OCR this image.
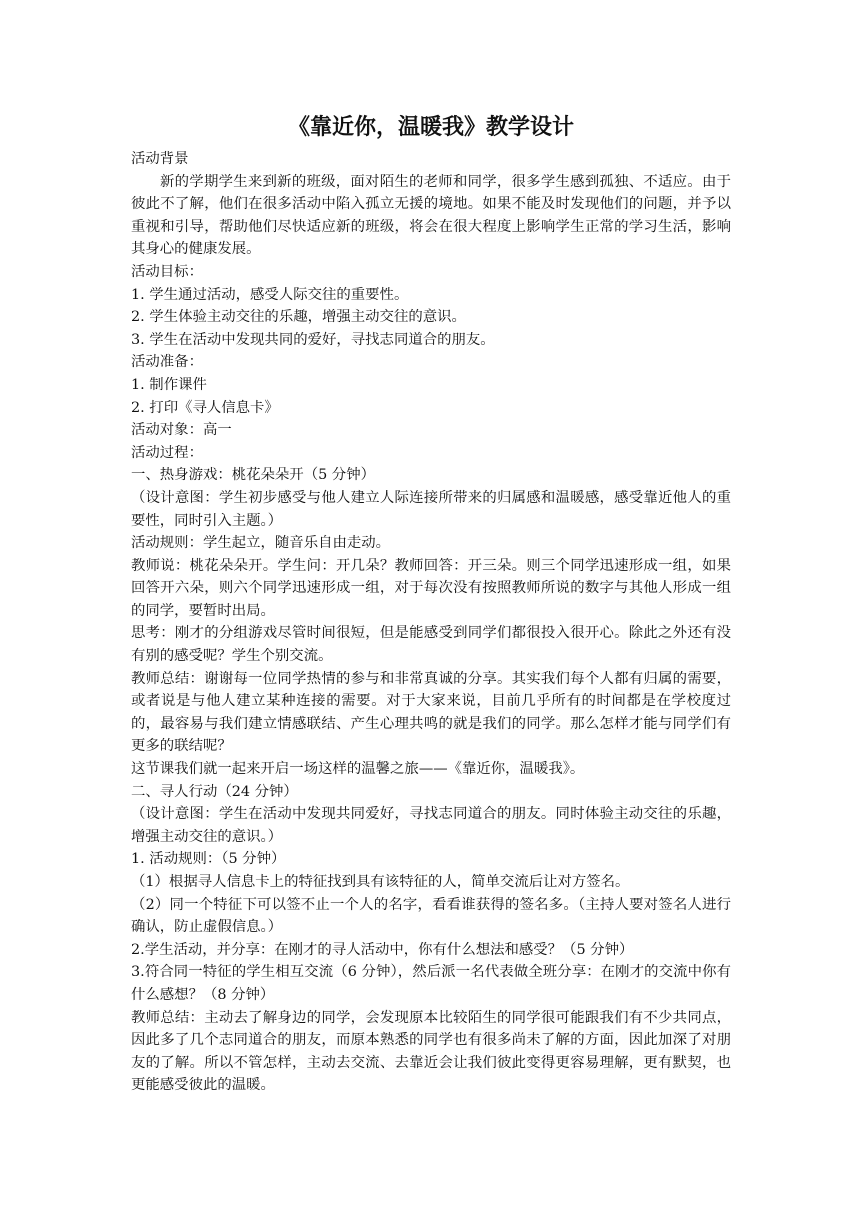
《靠近你，温暖我》教学设计

活动背景

新的学期学生来到新的班级，面对陌生的老师和同学，很多学生感到孤独、不适应。由于彼此不了解，他们在很多活动中陷入孤立无援的境地。如果不能及时发现他们的问题，并予以重视和引导，帮助他们尽快适应新的班级，将会在很大程度上影响学生正常的学习生活，影响其身心的健康发展。

活动目标：

1. 学生通过活动，感受人际交往的重要性。

2. 学生体验主动交往的乐趣，增强主动交往的意识。

3. 学生在活动中发现共同的爱好，寻找志同道合的朋友。

活动准备：

1. 制作课件

2. 打印《寻人信息卡》

活动对象：高一

活动过程：

一、热身游戏：桃花朵朵开（5 分钟）

（设计意图：学生初步感受与他人建立人际连接所带来的归属感和温暖感，感受靠近他人的重要性，同时引入主题。）

活动规则：学生起立，随音乐自由走动。

教师说：桃花朵朵开。学生问：开几朵？教师回答：开三朵。则三个同学迅速形成一组，如果回答开六朵，则六个同学迅速形成一组，对于每次没有按照教师所说的数字与其他人形成一组的同学，要暂时出局。

思考：刚才的分组游戏尽管时间很短，但是能感受到同学们都很投入很开心。除此之外还有没有别的感受呢？学生个别交流。

教师总结：谢谢每一位同学热情的参与和非常真诚的分享。其实我们每个人都有归属的需要，或者说是与他人建立某种连接的需要。对于大家来说，目前几乎所有的时间都是在学校度过的，最容易与我们建立情感联结、产生心理共鸣的就是我们的同学。那么怎样才能与同学们有更多的联结呢？

这节课我们就一起来开启一场这样的温馨之旅——《靠近你，温暖我》。

二、寻人行动（24 分钟）

（设计意图：学生在活动中发现共同爱好，寻找志同道合的朋友。同时体验主动交往的乐趣，增强主动交往的意识。）

1. 活动规则：（5 分钟）

（1）根据寻人信息卡上的特征找到具有该特征的人，简单交流后让对方签名。

（2）同一个特征下可以签不止一个人的名字，看看谁获得的签名多。（主持人要对签名人进行确认，防止虚假信息。）

2.学生活动，并分享：在刚才的寻人活动中，你有什么想法和感受？（5 分钟）

3.符合同一特征的学生相互交流（6 分钟），然后派一名代表做全班分享：在刚才的交流中你有什么感想？（8 分钟）

教师总结：主动去了解身边的同学，会发现原本比较陌生的同学很可能跟我们有不少共同点，因此多了几个志同道合的朋友，而原本熟悉的同学也有很多尚未了解的方面，因此加深了对朋友的了解。所以不管怎样，主动去交流、去靠近会让我们彼此变得更容易理解，更有默契，也更能感受彼此的温暖。
